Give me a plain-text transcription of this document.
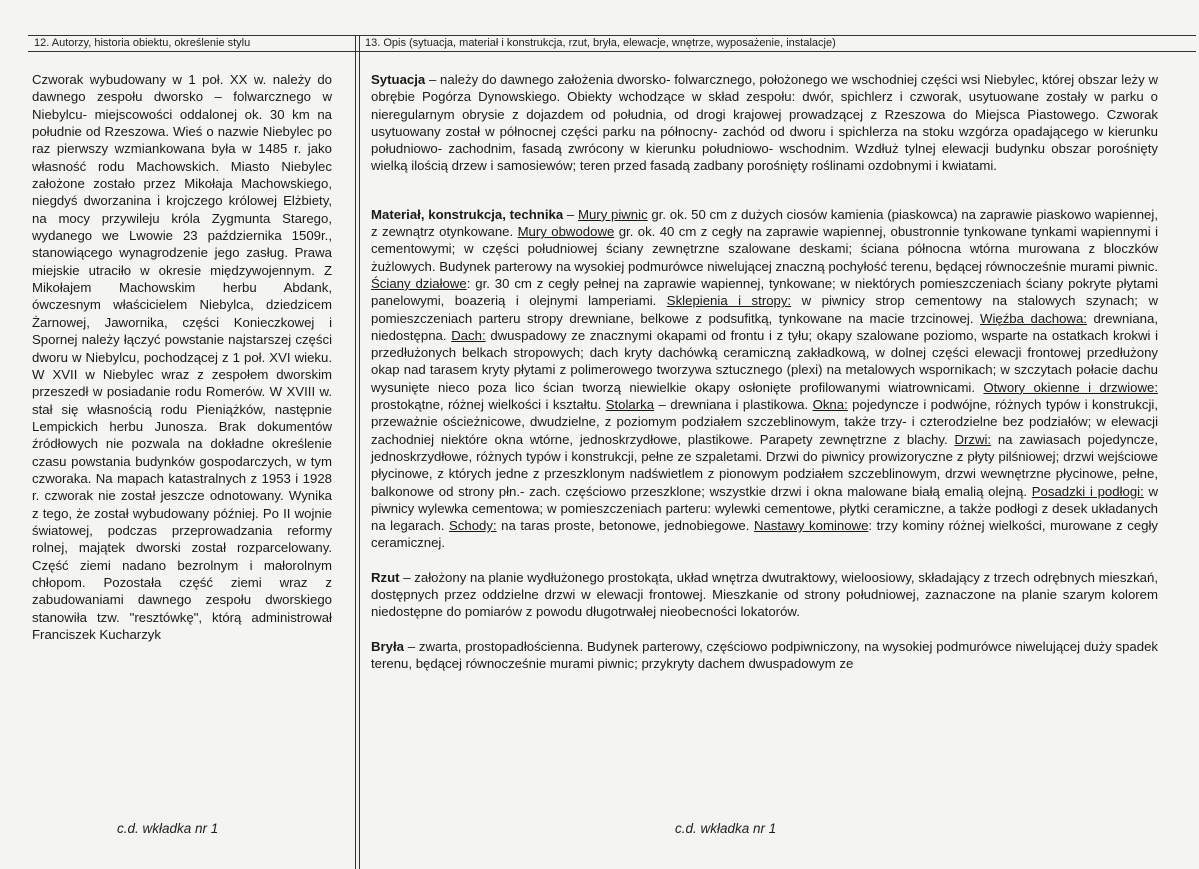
12. Autorzy, historia obiektu, określenie stylu	13. Opis (sytuacja, materiał i konstrukcja, rzut, bryła, elewacje, wnętrze, wyposażenie, instalacje)

Czworak wybudowany w 1 poł. XX w. należy do dawnego zespołu dworsko – folwarcznego w Niebylcu- miejscowości oddalonej ok. 30 km na południe od Rzeszowa. Wieś o nazwie Niebylec po raz pierwszy wzmiankowana była w 1485 r. jako własność rodu Machowskich. Miasto Niebylec założone zostało przez Mikołaja Machowskiego, niegdyś dworzanina i krojczego królowej Elżbiety, na mocy przywileju króla Zygmunta Starego, wydanego we Lwowie 23 października 1509r., stanowiącego wynagrodzenie jego zasług. Prawa miejskie utraciło w okresie międzywojennym. Z Mikołajem Machowskim herbu Abdank, ówczesnym właścicielem Niebylca, dziedzicem Żarnowej, Jawornika, części Konieczkowej i Spornej należy łączyć powstanie najstarszej części dworu w Niebylcu, pochodzącej z 1 poł. XVI wieku. W XVII w Niebylec wraz z zespołem dworskim przeszedł w posiadanie rodu Romerów. W XVIII w. stał się własnością rodu Pieniążków, następnie Lempickich herbu Junosza. Brak dokumentów źródłowych nie pozwala na dokładne określenie czasu powstania budynków gospodarczych, w tym czworaka. Na mapach katastralnych z 1953 i 1928 r. czworak nie został jeszcze odnotowany. Wynika z tego, że został wybudowany później. Po II wojnie światowej, podczas przeprowadzania reformy rolnej, majątek dworski został rozparcelowany. Część ziemi nadano bezrolnym i małorolnym chłopom. Pozostała część ziemi wraz z zabudowaniami dawnego zespołu dworskiego stanowiła tzw. "resztówkę", którą administrował Franciszek Kucharzyk

c.d. wkładka nr 1

Sytuacja – należy do dawnego założenia dworsko- folwarcznego, położonego we wschodniej części wsi Niebylec, której obszar leży w obrębie Pogórza Dynowskiego. Obiekty wchodzące w skład zespołu: dwór, spichlerz i czworak, usytuowane zostały w parku o nieregularnym obrysie z dojazdem od południa, od drogi krajowej prowadzącej z Rzeszowa do Miejsca Piastowego. Czworak usytuowany został w północnej części parku na północny- zachód od dworu i spichlerza na stoku wzgórza opadającego w kierunku południowo- zachodnim, fasadą zwrócony w kierunku południowo- wschodnim. Wzdłuż tylnej elewacji budynku obszar porośnięty wielką ilością drzew i samosiewów; teren przed fasadą zadbany porośnięty roślinami ozdobnymi i kwiatami.

Materiał, konstrukcja, technika – Mury piwnic gr. ok. 50 cm z dużych ciosów kamienia (piaskowca) na zaprawie piaskowo wapiennej, z zewnątrz otynkowane. Mury obwodowe gr. ok. 40 cm z cegły na zaprawie wapiennej, obustronnie tynkowane tynkami wapiennymi i cementowymi; w części południowej ściany zewnętrzne szalowane deskami; ściana północna wtórna murowana z bloczków żużlowych. Budynek parterowy na wysokiej podmurówce niwelującej znaczną pochyłość terenu, będącej równocześnie murami piwnic. Ściany działowe: gr. 30 cm z cegły pełnej na zaprawie wapiennej, tynkowane; w niektórych pomieszczeniach ściany pokryte płytami panelowymi, boazerią i olejnymi lamperiami. Sklepienia i stropy: w piwnicy strop cementowy na stalowych szynach; w pomieszczeniach parteru stropy drewniane, belkowe z podsufitką, tynkowane na macie trzcinowej. Więźba dachowa: drewniana, niedostępna. Dach: dwuspadowy ze znacznymi okapami od frontu i z tyłu; okapy szalowane poziomo, wsparte na ostatkach krokwi i przedłużonych belkach stropowych; dach kryty dachówką ceramiczną zakładkową, w dolnej części elewacji frontowej przedłużony okap nad tarasem kryty płytami z polimerowego tworzywa sztucznego (plexi) na metalowych wspornikach; w szczytach połacie dachu wysunięte nieco poza lico ścian tworzą niewielkie okapy osłonięte profilowanymi wiatrownicami. Otwory okienne i drzwiowe: prostokątne, różnej wielkości i kształtu. Stolarka – drewniana i plastikowa. Okna: pojedyncze i podwójne, różnych typów i konstrukcji, przeważnie ościeżnicowe, dwudzielne, z poziomym podziałem szczeblinowym, także trzy- i czterodzielne bez podziałów; w elewacji zachodniej niektóre okna wtórne, jednoskrzydłowe, plastikowe. Parapety zewnętrzne z blachy. Drzwi: na zawiasach pojedyncze, jednoskrzydłowe, różnych typów i konstrukcji, pełne ze szpaletami. Drzwi do piwnicy prowizoryczne z płyty pilśniowej; drzwi wejściowe płycinowe, z których jedne z przeszklonym nadświetlem z pionowym podziałem szczeblinowym, drzwi wewnętrzne płycinowe, pełne, balkonowe od strony płn.- zach. częściowo przeszklone; wszystkie drzwi i okna malowane białą emalią olejną. Posadzki i podłogi: w piwnicy wylewka cementowa; w pomieszczeniach parteru: wylewki cementowe, płytki ceramiczne, a także podłogi z desek układanych na legarach. Schody: na taras proste, betonowe, jednobiegowe. Nastawy kominowe: trzy kominy różnej wielkości, murowane z cegły ceramicznej.

Rzut – założony na planie wydłużonego prostokąta, układ wnętrza dwutraktowy, wieloosiowy, składający z trzech odrębnych mieszkań, dostępnych przez oddzielne drzwi w elewacji frontowej. Mieszkanie od strony południowej, zaznaczone na planie szarym kolorem niedostępne do pomiarów z powodu długotrwałej nieobecności lokatorów.

Bryła – zwarta, prostopadłościenna. Budynek parterowy, częściowo podpiwniczony, na wysokiej podmurówce niwelującej duży spadek terenu, będącej równocześnie murami piwnic; przykryty dachem dwuspadowym ze

c.d. wkładka nr 1
